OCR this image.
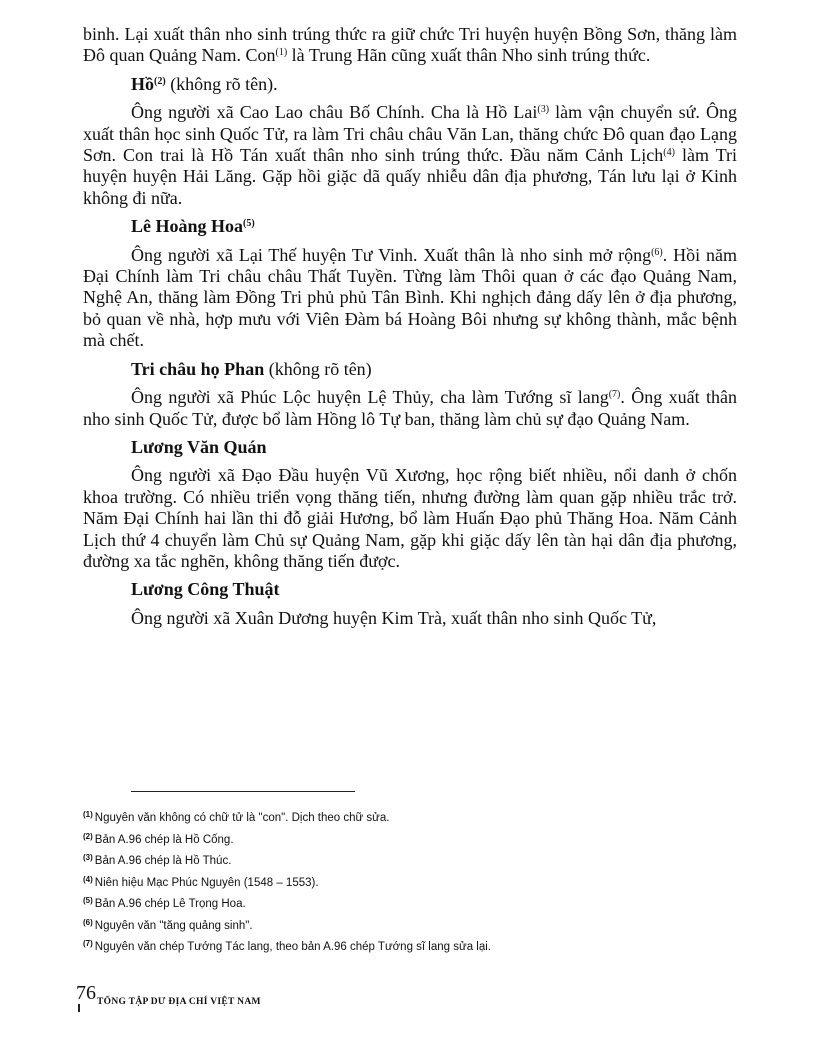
binh. Lại xuất thân nho sinh trúng thức ra giữ chức Tri huyện huyện Bồng Sơn, thăng làm Đô quan Quảng Nam. Con$^{(1)}$ là Trung Hãn cũng xuất thân Nho sinh trúng thức.

Hồ$^{(2)}$ (không rõ tên).

Ông người xã Cao Lao châu Bố Chính. Cha là Hồ Lai$^{(3)}$ làm vận chuyển sứ. Ông xuất thân học sinh Quốc Tử, ra làm Tri châu châu Văn Lan, thăng chức Đô quan đạo Lạng Sơn. Con trai là Hồ Tán xuất thân nho sinh trúng thức. Đầu năm Cảnh Lịch$^{(4)}$ làm Tri huyện huyện Hải Lăng. Gặp hồi giặc dã quấy nhiễu dân địa phương, Tán lưu lại ở Kinh không đi nữa.

Lê Hoàng Hoa$^{(5)}$

Ông người xã Lại Thế huyện Tư Vinh. Xuất thân là nho sinh mở rộng$^{(6)}$. Hồi năm Đại Chính làm Tri châu châu Thất Tuyền. Từng làm Thôi quan ở các đạo Quảng Nam, Nghệ An, thăng làm Đồng Tri phủ phủ Tân Bình. Khi nghịch đảng dấy lên ở địa phương, bỏ quan về nhà, hợp mưu với Viên Đàm bá Hoàng Bôi nhưng sự không thành, mắc bệnh mà chết.

Tri châu họ Phan (không rõ tên)

Ông người xã Phúc Lộc huyện Lệ Thủy, cha làm Tướng sĩ lang$^{(7)}$. Ông xuất thân nho sinh Quốc Tử, được bổ làm Hồng lô Tự ban, thăng làm chủ sự đạo Quảng Nam.

Lương Văn Quán

Ông người xã Đạo Đầu huyện Vũ Xương, học rộng biết nhiều, nổi danh ở chốn khoa trường. Có nhiều triển vọng thăng tiến, nhưng đường làm quan gặp nhiều trắc trở. Năm Đại Chính hai lần thi đỗ giải Hương, bổ làm Huấn Đạo phủ Thăng Hoa. Năm Cảnh Lịch thứ 4 chuyển làm Chủ sự Quảng Nam, gặp khi giặc dấy lên tàn hại dân địa phương, đường xa tắc nghẽn, không thăng tiến được.

Lương Công Thuật

Ông người xã Xuân Dương huyện Kim Trà, xuất thân nho sinh Quốc Tử,

$^{(1)}$ Nguyên văn không có chữ tử là "con". Dịch theo chữ sửa.
$^{(2)}$ Bản A.96 chép là Hồ Cống.
$^{(3)}$ Bản A.96 chép là Hồ Thúc.
$^{(4)}$ Niên hiệu Mạc Phúc Nguyên (1548 – 1553).
$^{(5)}$ Bản A.96 chép Lê Trọng Hoa.
$^{(6)}$ Nguyên văn "tăng quảng sinh".
$^{(7)}$ Nguyên văn chép Tướng Tác lang, theo bản A.96 chép Tướng sĩ lang sửa lại.
76 TỔNG TẬP DƯ ĐỊA CHÍ VIỆT NAM
